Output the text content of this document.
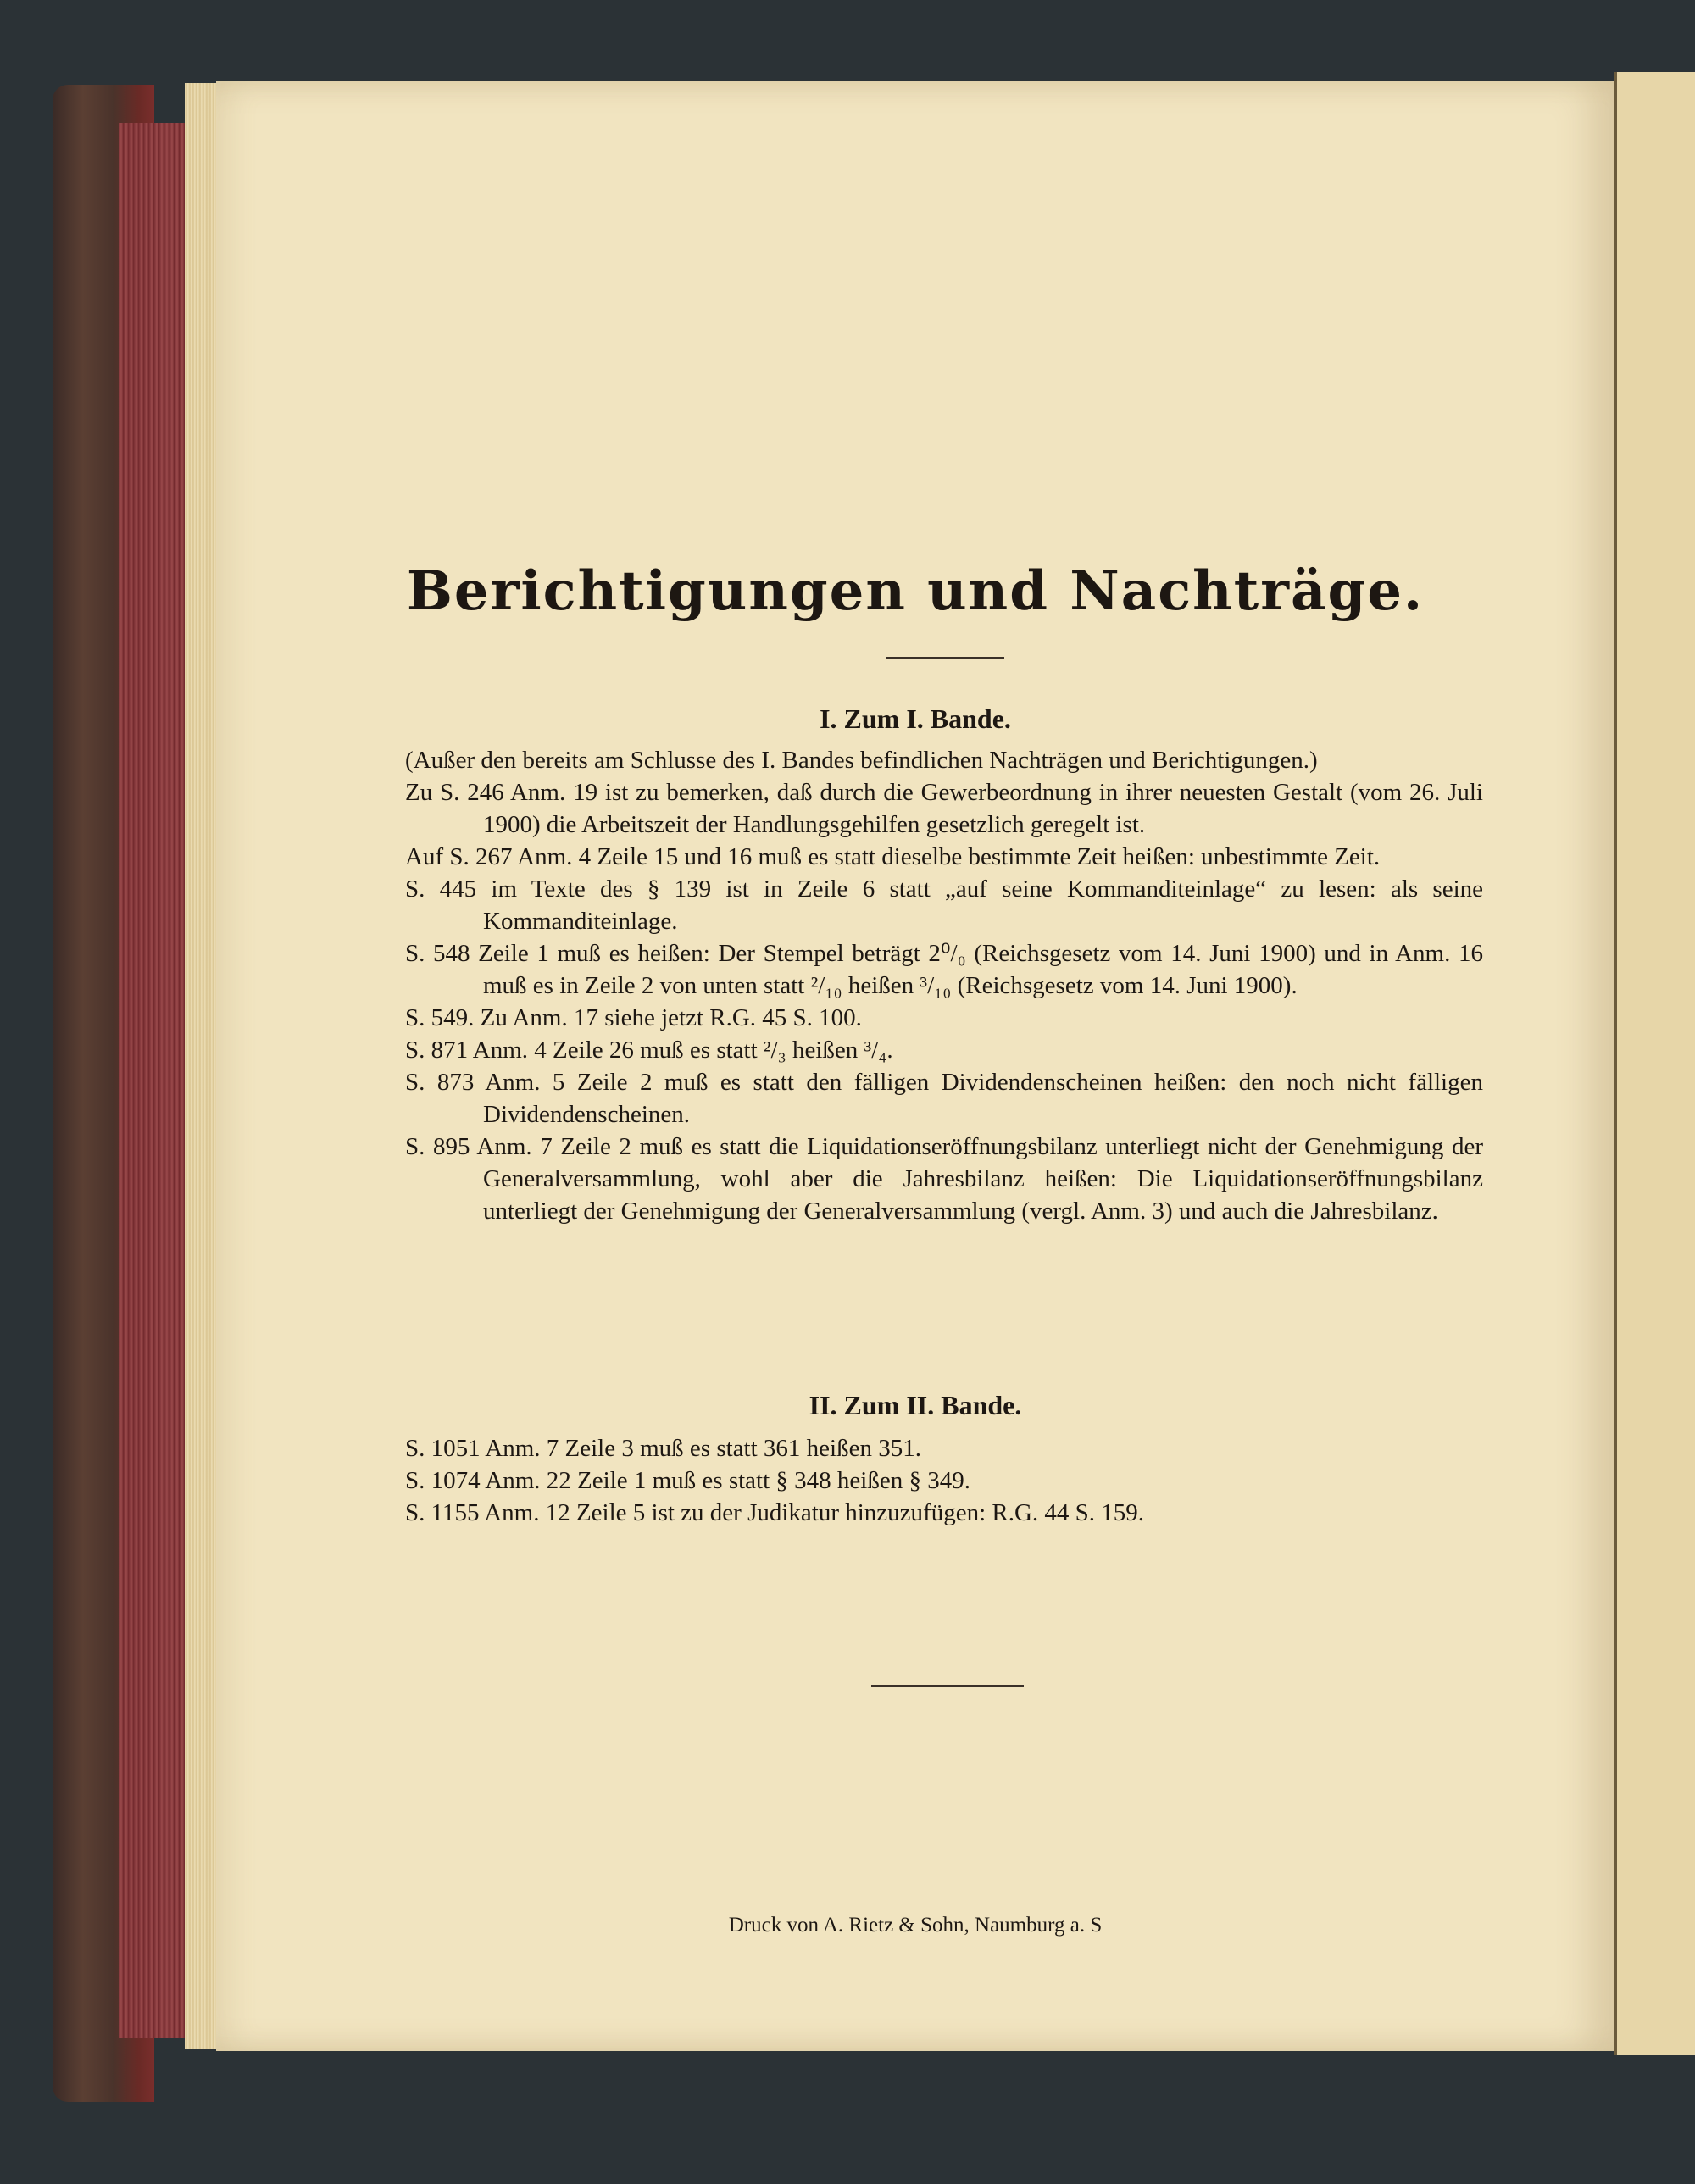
Berichtigungen und Nachträge.
I. Zum I. Bande.

(Außer den bereits am Schlusse des I. Bandes befindlichen Nachträgen und Berichtigungen.)

Zu S. 246 Anm. 19 ist zu bemerken, daß durch die Gewerbeordnung in ihrer neuesten Gestalt (vom 26. Juli 1900) die Arbeitszeit der Handlungsgehilfen gesetzlich geregelt ist.

Auf S. 267 Anm. 4 Zeile 15 und 16 muß es statt dieselbe bestimmte Zeit heißen: unbestimmte Zeit.

S. 445 im Texte des § 139 ist in Zeile 6 statt „auf seine Kommanditeinlage“ zu lesen: als seine Kommanditeinlage.

S. 548 Zeile 1 muß es heißen: Der Stempel beträgt 2⁰/₀ (Reichsgesetz vom 14. Juni 1900) und in Anm. 16 muß es in Zeile 2 von unten statt ²/₁₀ heißen ³/₁₀ (Reichsgesetz vom 14. Juni 1900).

S. 549. Zu Anm. 17 siehe jetzt R.G. 45 S. 100.

S. 871 Anm. 4 Zeile 26 muß es statt ²/₃ heißen ³/₄.

S. 873 Anm. 5 Zeile 2 muß es statt den fälligen Dividendenscheinen heißen: den noch nicht fälligen Dividendenscheinen.

S. 895 Anm. 7 Zeile 2 muß es statt die Liquidationseröffnungsbilanz unterliegt nicht der Genehmigung der Generalversammlung, wohl aber die Jahresbilanz heißen: Die Liquidationseröffnungsbilanz unterliegt der Genehmigung der Generalversammlung (vergl. Anm. 3) und auch die Jahresbilanz.

II. Zum II. Bande.

S. 1051 Anm. 7 Zeile 3 muß es statt 361 heißen 351.

S. 1074 Anm. 22 Zeile 1 muß es statt § 348 heißen § 349.

S. 1155 Anm. 12 Zeile 5 ist zu der Judikatur hinzuzufügen: R.G. 44 S. 159.

Druck von A. Rietz & Sohn, Naumburg a. S
